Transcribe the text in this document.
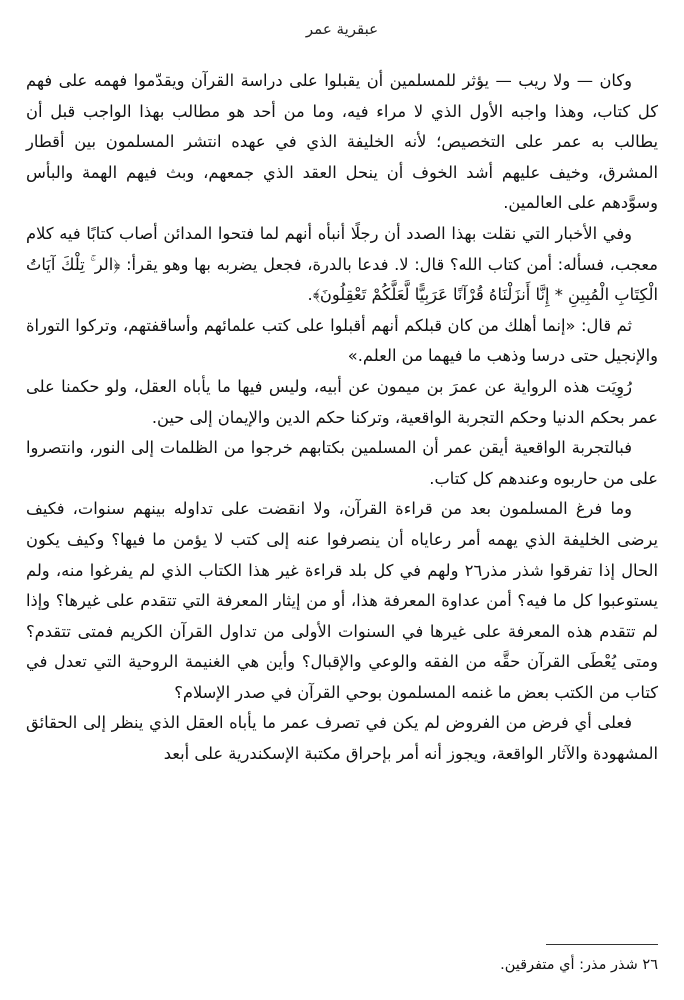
عبقرية عمر

وكان — ولا ريب — يؤثر للمسلمين أن يقبلوا على دراسة القرآن ويقدّموا فهمه على فهم كل كتاب، وهذا واجبه الأول الذي لا مراء فيه، وما من أحد هو مطالب بهذا الواجب قبل أن يطالب به عمر على التخصيص؛ لأنه الخليفة الذي في عهده انتشر المسلمون بين أقطار المشرق، وخيف عليهم أشد الخوف أن ينحل العقد الذي جمعهم، وبث فيهم الهمة والبأس وسوَّدهم على العالمين.

وفي الأخبار التي نقلت بهذا الصدد أن رجلًا أنبأه أنهم لما فتحوا المدائن أصاب كتابًا فيه كلام معجب، فسأله: أمن كتاب الله؟ قال: لا. فدعا بالدرة، فجعل يضربه بها وهو يقرأ: ﴿الر ۚ تِلْكَ آيَاتُ الْكِتَابِ الْمُبِينِ * إِنَّا أَنزَلْنَاهُ قُرْآنًا عَرَبِيًّا لَّعَلَّكُمْ تَعْقِلُونَ﴾.

ثم قال: «إنما أهلك من كان قبلكم أنهم أقبلوا على كتب علمائهم وأساقفتهم، وتركوا التوراة والإنجيل حتى درسا وذهب ما فيهما من العلم.»

رُوِيَت هذه الرواية عن عمرَ بن ميمون عن أبيه، وليس فيها ما يأباه العقل، ولو حكمنا على عمر بحكم الدنيا وحكم التجربة الواقعية، وتركنا حكم الدين والإيمان إلى حين.

فبالتجربة الواقعية أيقن عمر أن المسلمين بكتابهم خرجوا من الظلمات إلى النور، وانتصروا على من حاربوه وعندهم كل كتاب.

وما فرغ المسلمون بعد من قراءة القرآن، ولا انقضت على تداوله بينهم سنوات، فكيف يرضى الخليفة الذي يهمه أمر رعاياه أن ينصرفوا عنه إلى كتب لا يؤمن ما فيها؟ وكيف يكون الحال إذا تفرقوا شذر مذر٢٦ ولهم في كل بلد قراءة غير هذا الكتاب الذي لم يفرغوا منه، ولم يستوعبوا كل ما فيه؟ أمن عداوة المعرفة هذا، أو من إيثار المعرفة التي تتقدم على غيرها؟ وإذا لم تتقدم هذه المعرفة على غيرها في السنوات الأولى من تداول القرآن الكريم فمتى تتقدم؟ ومتى يُعْطَى القرآن حقَّه من الفقه والوعي والإقبال؟ وأين هي الغنيمة الروحية التي تعدل في كتاب من الكتب بعض ما غنمه المسلمون بوحي القرآن في صدر الإسلام؟

فعلى أي فرض من الفروض لم يكن في تصرف عمر ما يأباه العقل الذي ينظر إلى الحقائق المشهودة والآثار الواقعة، ويجوز أنه أمر بإحراق مكتبة الإسكندرية على أبعد

٢٦ شذر مذر: أي متفرقين.
